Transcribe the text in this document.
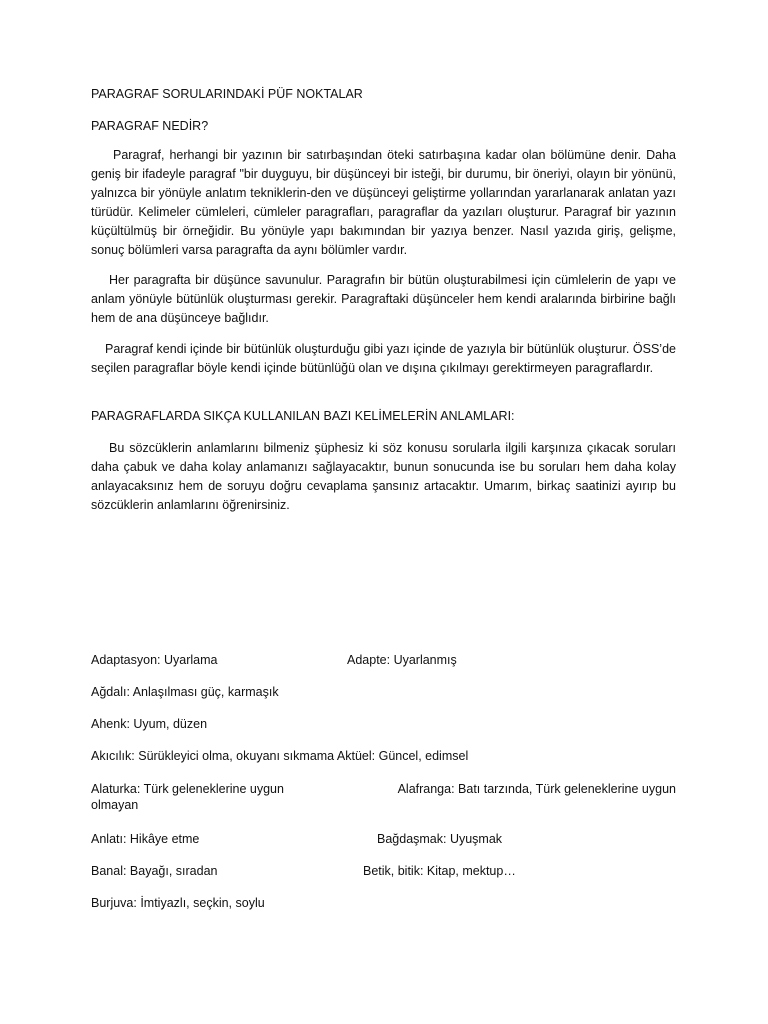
PARAGRAF SORULARINDAKİ PÜF NOKTALAR
PARAGRAF NEDİR?
Paragraf, herhangi bir yazının bir satırbaşından öteki satırbaşına kadar olan bölümüne denir. Daha geniş bir ifadeyle paragraf "bir duyguyu, bir düşünceyi bir isteği, bir durumu, bir öneriyi, olayın bir yönünü, yalnızca bir yönüyle anlatım tekniklerin-den ve düşünceyi geliştirme yollarından yararlanarak anlatan yazı türüdür. Kelimeler cümleleri, cümleler paragrafları, paragraflar da yazıları oluşturur. Paragraf bir yazının küçültülmüş bir örneğidir. Bu yönüyle yapı bakımından bir yazıya benzer. Nasıl yazıda giriş, gelişme, sonuç bölümleri varsa paragrafta da aynı bölümler vardır.
Her paragrafta bir düşünce savunulur. Paragrafın bir bütün oluşturabilmesi için cümlelerin de yapı ve anlam yönüyle bütünlük oluşturması gerekir. Paragraftaki düşünceler hem kendi aralarında birbirine bağlı hem de ana düşünceye bağlıdır.
Paragraf kendi içinde bir bütünlük oluşturduğu gibi yazı içinde de yazıyla bir bütünlük oluşturur. ÖSS’de seçilen paragraflar böyle kendi içinde bütünlüğü olan ve dışına çıkılmayı gerektirmeyen paragraflardır.
PARAGRAFLARDA SIKÇA KULLANILAN BAZI KELİMELERİN ANLAMLARI:
Bu sözcüklerin anlamlarını bilmeniz şüphesiz ki söz konusu sorularla ilgili karşınıza çıkacak soruları daha çabuk ve daha kolay anlamanızı sağlayacaktır, bunun sonucunda ise bu soruları hem daha kolay anlayacaksınız hem de soruyu doğru cevaplama şansınız artacaktır. Umarım, birkaç saatinizi ayırıp bu sözcüklerin anlamlarını öğrenirsiniz.
Adaptasyon: Uyarlama	Adapte: Uyarlanmış
Ağdalı: Anlaşılması güç, karmaşık
Ahenk: Uyum, düzen
Akıcılık: Sürükleyici olma, okuyanı sıkmama Aktüel: Güncel, edimsel
Alaturka: Türk geleneklerine uygun	Alafranga: Batı tarzında, Türk geleneklerine uygun
olmayan
Anlatı: Hikâye etme	Bağdaşmak: Uyuşmak
Banal: Bayağı, sıradan	Betik, bitik: Kitap, mektup…
Burjuva: İmtiyazlı, seçkin, soylu
